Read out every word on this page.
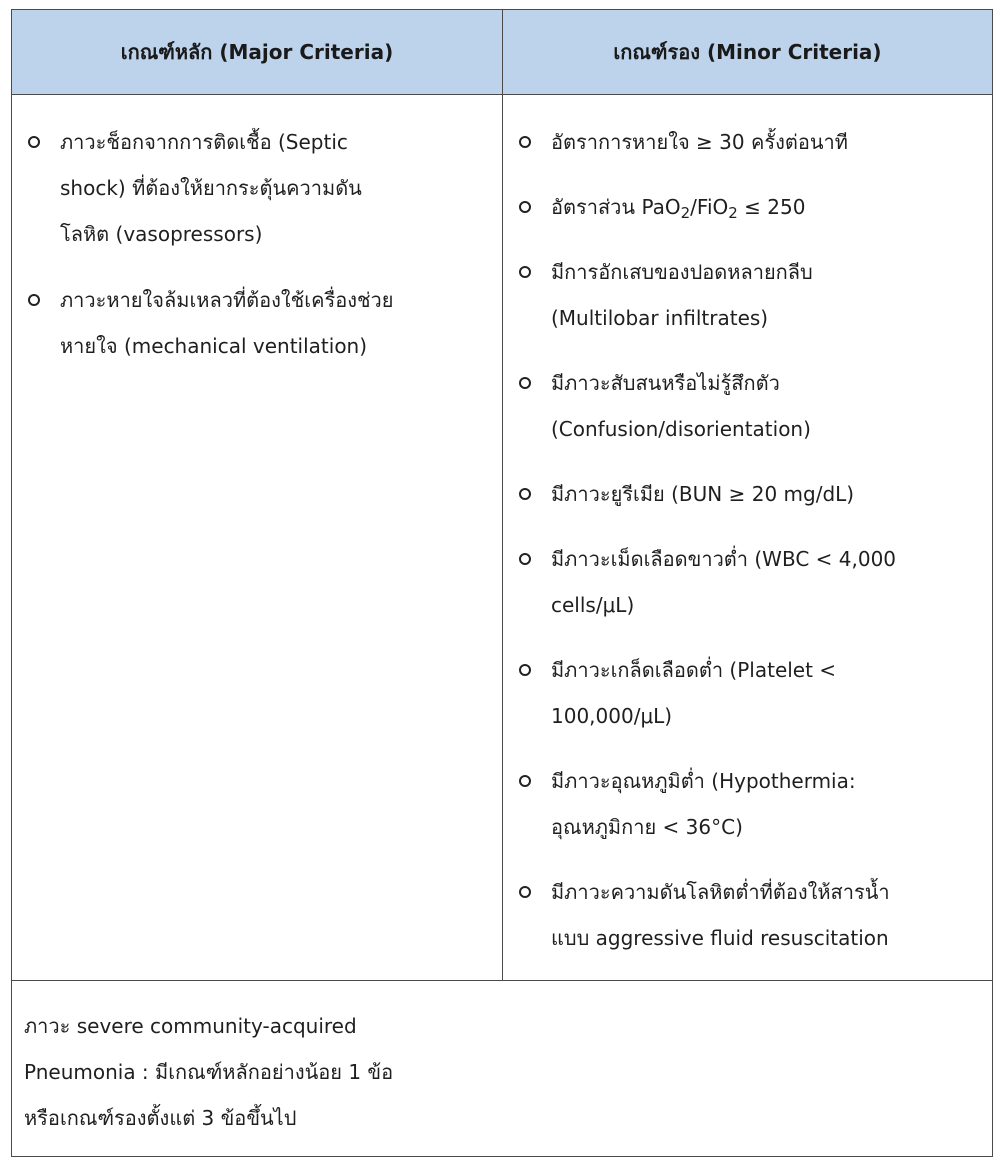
เกณฑ์หลัก (Major Criteria)	เกณฑ์รอง (Minor Criteria)
ภาวะช็อกจากการติดเชื้อ (Septic
shock) ที่ต้องให้ยากระตุ้นความดัน
โลหิต (vasopressors)
ภาวะหายใจล้มเหลวที่ต้องใช้เครื่องช่วย
หายใจ (mechanical ventilation)
อัตราการหายใจ ≥ 30 ครั้งต่อนาที
อัตราส่วน PaO$_2$/FiO$_2$ ≤ 250
มีการอักเสบของปอดหลายกลีบ
(Multilobar infiltrates)
มีภาวะสับสนหรือไม่รู้สึกตัว
(Confusion/disorientation)
มีภาวะยูรีเมีย (BUN ≥ 20 mg/dL)
มีภาวะเม็ดเลือดขาวต่ำ (WBC < 4,000
cells/μL)
มีภาวะเกล็ดเลือดต่ำ (Platelet <
100,000/μL)
มีภาวะอุณหภูมิต่ำ (Hypothermia:
อุณหภูมิกาย < 36°C)
มีภาวะความดันโลหิตต่ำที่ต้องให้สารน้ำ
แบบ aggressive fluid resuscitation
ภาวะ severe community-acquired
Pneumonia : มีเกณฑ์หลักอย่างน้อย 1 ข้อ
หรือเกณฑ์รองตั้งแต่ 3 ข้อขึ้นไป
